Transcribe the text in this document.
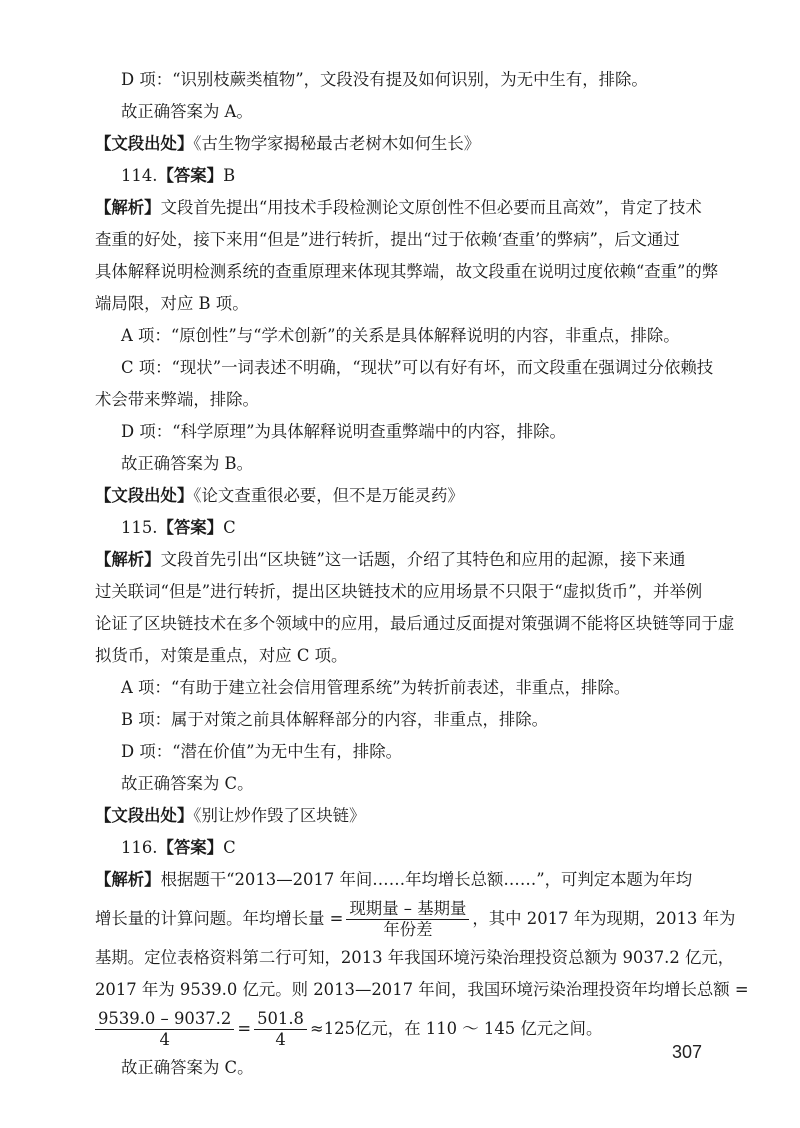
D 项：“识别枝蕨类植物”，文段没有提及如何识别，为无中生有，排除。
故正确答案为 A。
【文段出处】《古生物学家揭秘最古老树木如何生长》
114.【答案】B
【解析】文段首先提出“用技术手段检测论文原创性不但必要而且高效”，肯定了技术
查重的好处，接下来用“但是”进行转折，提出“过于依赖‘查重’的弊病”，后文通过
具体解释说明检测系统的查重原理来体现其弊端，故文段重在说明过度依赖“查重”的弊
端局限，对应 B 项。
A 项：“原创性”与“学术创新”的关系是具体解释说明的内容，非重点，排除。
C 项：“现状”一词表述不明确，“现状”可以有好有坏，而文段重在强调过分依赖技
术会带来弊端，排除。
D 项：“科学原理”为具体解释说明查重弊端中的内容，排除。
故正确答案为 B。
【文段出处】《论文查重很必要，但不是万能灵药》
115.【答案】C
【解析】文段首先引出“区块链”这一话题，介绍了其特色和应用的起源，接下来通
过关联词“但是”进行转折，提出区块链技术的应用场景不只限于“虚拟货币”，并举例
论证了区块链技术在多个领域中的应用，最后通过反面提对策强调不能将区块链等同于虚
拟货币，对策是重点，对应 C 项。
A 项：“有助于建立社会信用管理系统”为转折前表述，非重点，排除。
B 项：属于对策之前具体解释部分的内容，非重点，排除。
D 项：“潜在价值”为无中生有，排除。
故正确答案为 C。
【文段出处】《别让炒作毁了区块链》
116.【答案】C
【解析】根据题干“2013—2017 年间……年均增长总额……”，可判定本题为年均
增长量的计算问题。年均增长量 = $\frac{\text{现期量 – 基期量}}{\text{年份差}}$ ，其中 2017 年为现期，2013 年为
基期。定位表格资料第二行可知，2013 年我国环境污染治理投资总额为 9037.2 亿元，
2017 年为 9539.0 亿元。则 2013—2017 年间，我国环境污染治理投资年均增长总额 =
$\frac{9539.0 - 9037.2}{4} = \frac{501.8}{4} \approx 125$亿元，在 110 ～ 145 亿元之间。
故正确答案为 C。
307
